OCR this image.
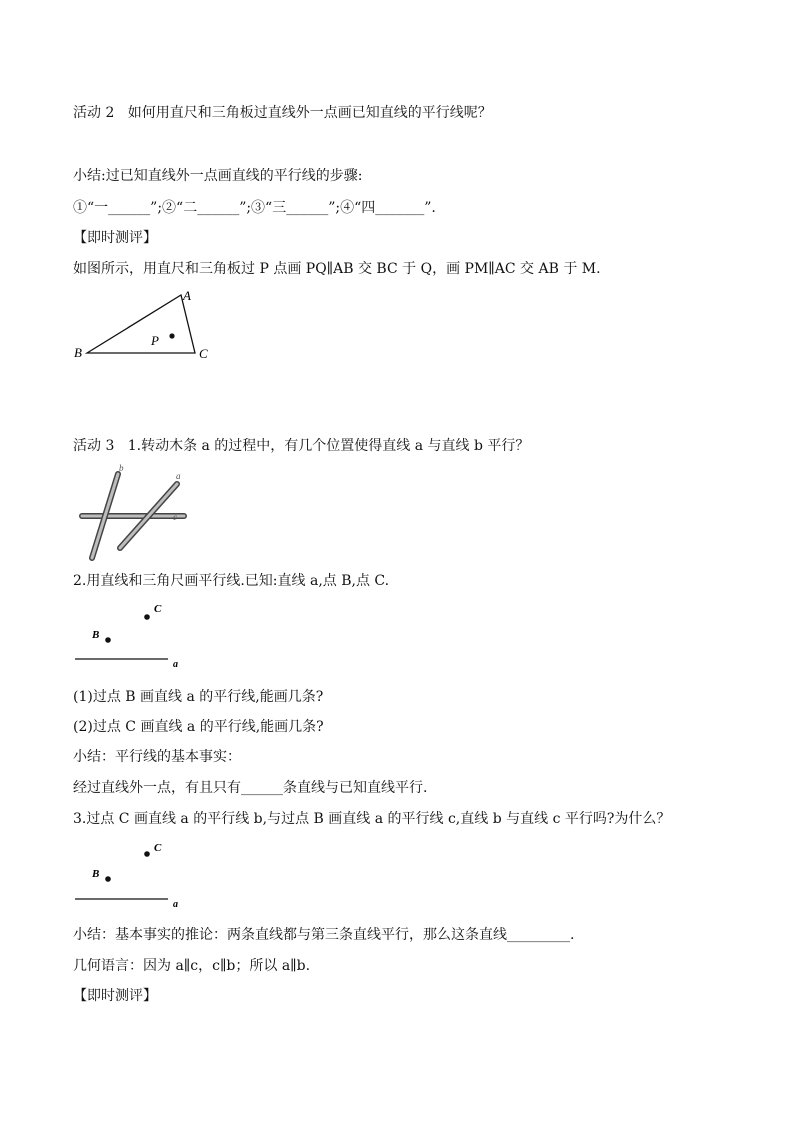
活动 2   如何用直尺和三角板过直线外一点画已知直线的平行线呢？
小结:过已知直线外一点画直线的平行线的步骤:
①“一______”;②“二______”;③“三______”;④“四_______”.
【即时测评】
如图所示，用直尺和三角板过 P 点画 PQ∥AB 交 BC 于 Q，画 PM∥AC 交 AB 于 M.
A
B	C
P
活动 3   1.转动木条 a 的过程中，有几个位置使得直线 a 与直线 b 平行？
b
a
c
2.用直线和三角尺画平行线.已知:直线 a,点 B,点 C.
C
B
a
(1)过点 B 画直线 a 的平行线,能画几条?
(2)过点 C 画直线 a 的平行线,能画几条?
小结：平行线的基本事实：
经过直线外一点，有且只有______条直线与已知直线平行.
3.过点 C 画直线 a 的平行线 b,与过点 B 画直线 a 的平行线 c,直线 b 与直线 c 平行吗?为什么？
C
B
a
小结：基本事实的推论：两条直线都与第三条直线平行，那么这条直线_________.
几何语言：因为 a∥c，c∥b；所以 a∥b.
【即时测评】
